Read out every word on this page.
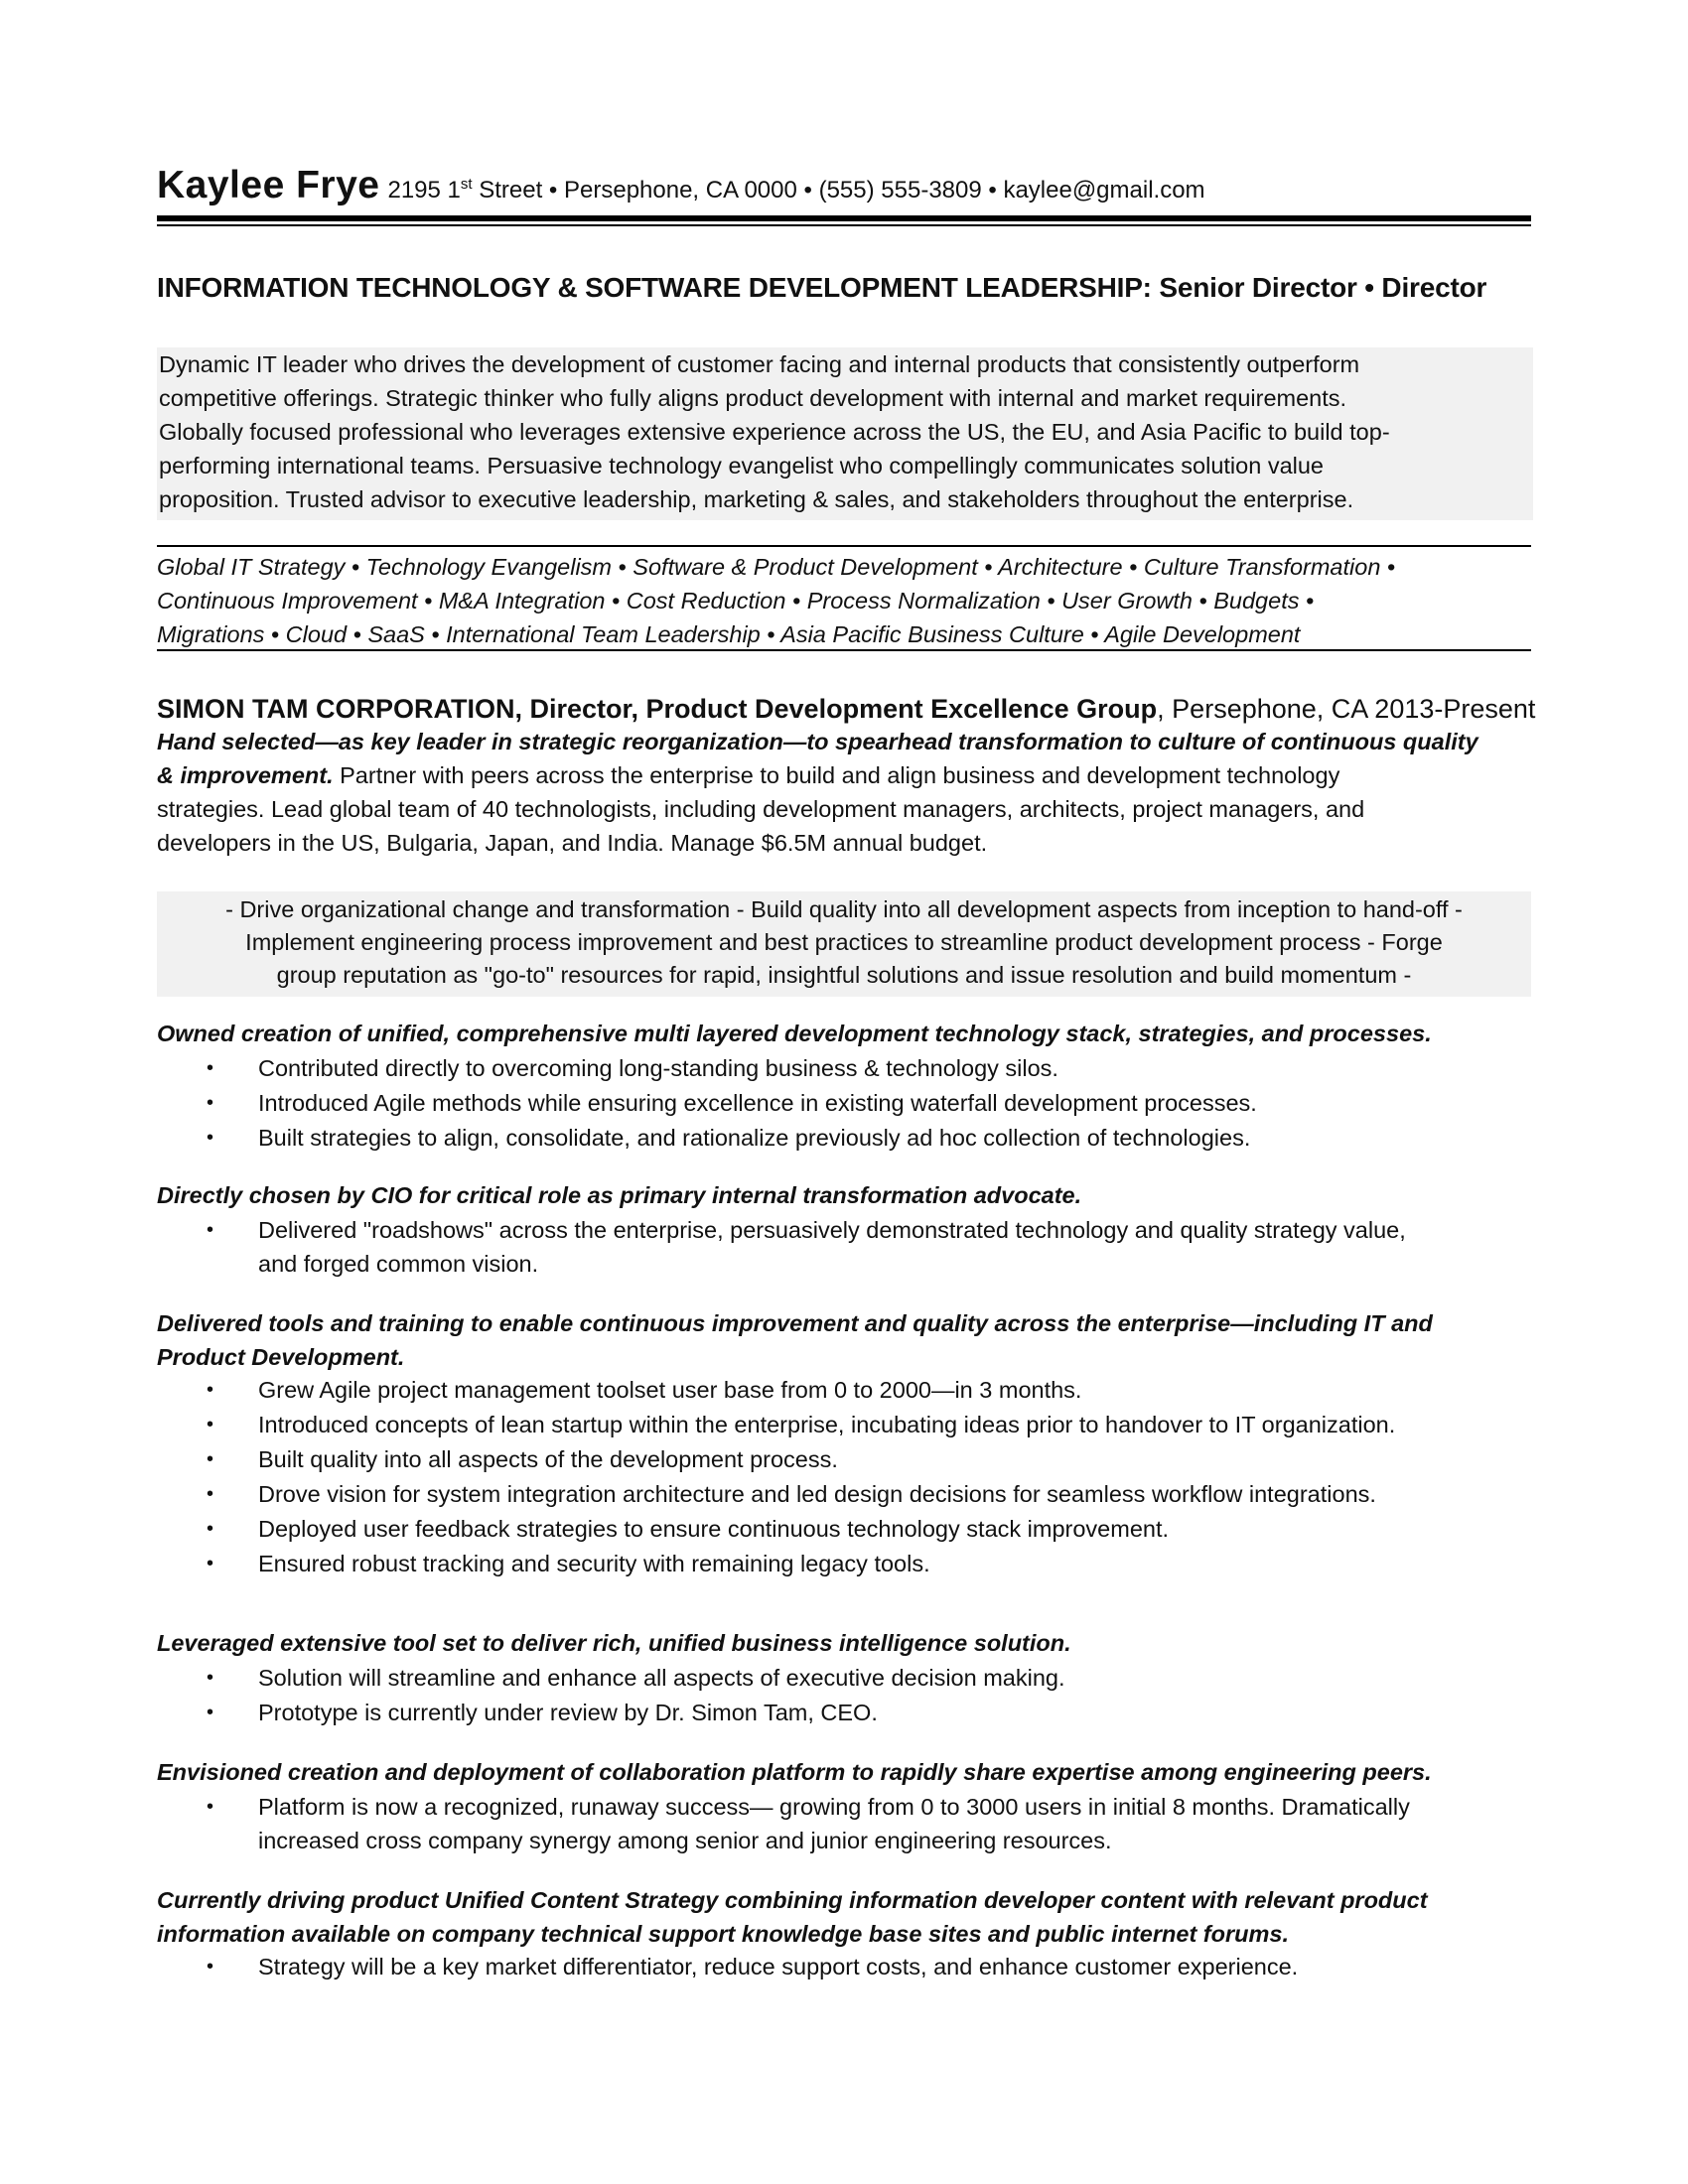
Kaylee Frye 2195 1st Street • Persephone, CA 0000 • (555) 555-3809 • kaylee@gmail.com
INFORMATION TECHNOLOGY & SOFTWARE DEVELOPMENT LEADERSHIP: Senior Director • Director

Dynamic IT leader who drives the development of customer facing and internal products that consistently outperform

competitive offerings. Strategic thinker who fully aligns product development with internal and market requirements.

Globally focused professional who leverages extensive experience across the US, the EU, and Asia Pacific to build top-

performing international teams. Persuasive technology evangelist who compellingly communicates solution value

proposition. Trusted advisor to executive leadership, marketing & sales, and stakeholders throughout the enterprise.

Global IT Strategy • Technology Evangelism • Software & Product Development • Architecture • Culture Transformation •

Continuous Improvement • M&A Integration • Cost Reduction • Process Normalization • User Growth • Budgets •

Migrations • Cloud • SaaS • International Team Leadership • Asia Pacific Business Culture • Agile Development

SIMON TAM CORPORATION, Director, Product Development Excellence Group, Persephone, CA 2013-Present

Hand selected—as key leader in strategic reorganization—to spearhead transformation to culture of continuous quality

& improvement. Partner with peers across the enterprise to build and align business and development technology

strategies. Lead global team of 40 technologists, including development managers, architects, project managers, and

developers in the US, Bulgaria, Japan, and India. Manage $6.5M annual budget.

- Drive organizational change and transformation - Build quality into all development aspects from inception to hand-off -

Implement engineering process improvement and best practices to streamline product development process - Forge

group reputation as "go-to" resources for rapid, insightful solutions and issue resolution and build momentum -

Owned creation of unified, comprehensive multi layered development technology stack, strategies, and processes.

• Contributed directly to overcoming long-standing business & technology silos.
• Introduced Agile methods while ensuring excellence in existing waterfall development processes.
• Built strategies to align, consolidate, and rationalize previously ad hoc collection of technologies.

Directly chosen by CIO for critical role as primary internal transformation advocate.

• Delivered "roadshows" across the enterprise, persuasively demonstrated technology and quality strategy value,
and forged common vision.

Delivered tools and training to enable continuous improvement and quality across the enterprise—including IT and

Product Development.

• Grew Agile project management toolset user base from 0 to 2000—in 3 months.
• Introduced concepts of lean startup within the enterprise, incubating ideas prior to handover to IT organization.
• Built quality into all aspects of the development process.
• Drove vision for system integration architecture and led design decisions for seamless workflow integrations.
• Deployed user feedback strategies to ensure continuous technology stack improvement.
• Ensured robust tracking and security with remaining legacy tools.

Leveraged extensive tool set to deliver rich, unified business intelligence solution.

• Solution will streamline and enhance all aspects of executive decision making.
• Prototype is currently under review by Dr. Simon Tam, CEO.

Envisioned creation and deployment of collaboration platform to rapidly share expertise among engineering peers.

• Platform is now a recognized, runaway success— growing from 0 to 3000 users in initial 8 months. Dramatically
increased cross company synergy among senior and junior engineering resources.

Currently driving product Unified Content Strategy combining information developer content with relevant product

information available on company technical support knowledge base sites and public internet forums.

• Strategy will be a key market differentiator, reduce support costs, and enhance customer experience.
